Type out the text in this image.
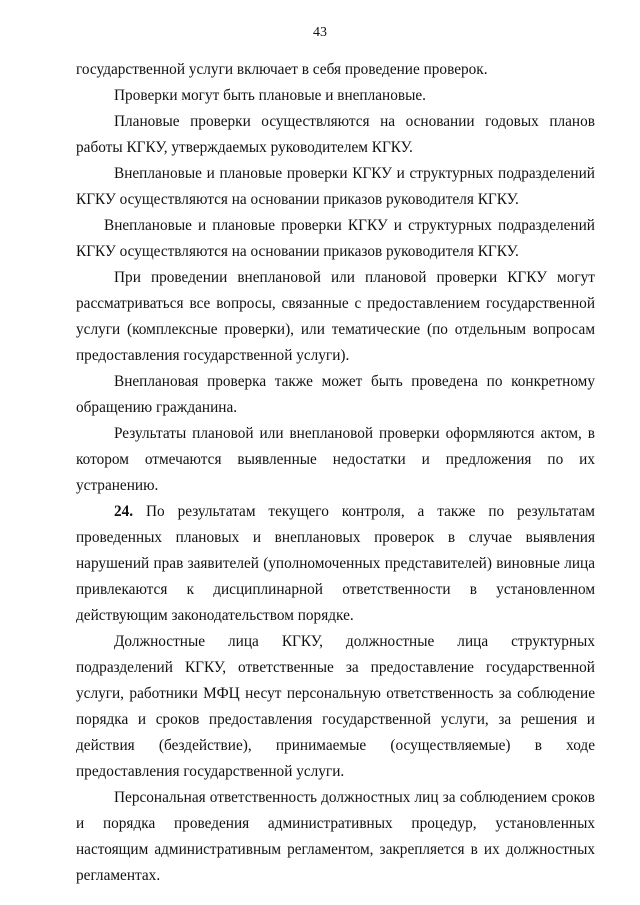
43

государственной услуги включает в себя проведение проверок.

Проверки могут быть плановые и внеплановые.

Плановые проверки осуществляются на основании годовых планов работы КГКУ, утверждаемых руководителем КГКУ.

Внеплановые и плановые проверки КГКУ и структурных подразделений КГКУ осуществляются на основании приказов руководителя КГКУ.

Внеплановые и плановые проверки КГКУ и структурных подразделений КГКУ осуществляются на основании приказов руководителя КГКУ.

При проведении внеплановой или плановой проверки КГКУ могут рассматриваться все вопросы, связанные с предоставлением государственной услуги (комплексные проверки), или тематические (по отдельным вопросам предоставления государственной услуги).

Внеплановая проверка также может быть проведена по конкретному обращению гражданина.

Результаты плановой или внеплановой проверки оформляются актом, в котором отмечаются выявленные недостатки и предложения по их устранению.

24. По результатам текущего контроля, а также по результатам проведенных плановых и внеплановых проверок в случае выявления нарушений прав заявителей (уполномоченных представителей) виновные лица привлекаются к дисциплинарной ответственности в установленном действующим законодательством порядке.

Должностные лица КГКУ, должностные лица структурных подразделений КГКУ, ответственные за предоставление государственной услуги, работники МФЦ несут персональную ответственность за соблюдение порядка и сроков предоставления государственной услуги, за решения и действия (бездействие), принимаемые (осуществляемые) в ходе предоставления государственной услуги.

Персональная ответственность должностных лиц за соблюдением сроков и порядка проведения административных процедур, установленных настоящим административным регламентом, закрепляется в их должностных регламентах.
